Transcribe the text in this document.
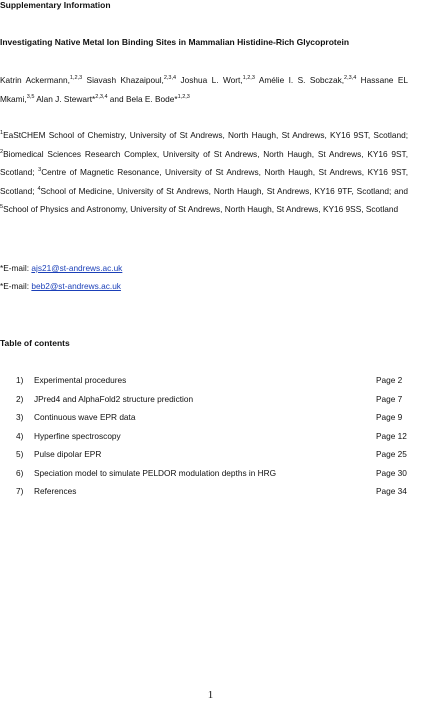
Supplementary Information
Investigating Native Metal Ion Binding Sites in Mammalian Histidine-Rich Glycoprotein
Katrin Ackermann,$^{1,2,3}$ Siavash Khazaipoul,$^{2,3,4}$ Joshua L. Wort,$^{1,2,3}$ Amélie I. S. Sobczak,$^{2,3,4}$ Hassane EL Mkami,$^{3,5}$ Alan J. Stewart*$^{2,3,4}$ and Bela E. Bode*$^{1,2,3}$
$^1$EaStCHEM School of Chemistry, University of St Andrews, North Haugh, St Andrews, KY16 9ST, Scotland; $^2$Biomedical Sciences Research Complex, University of St Andrews, North Haugh, St Andrews, KY16 9ST, Scotland; $^3$Centre of Magnetic Resonance, University of St Andrews, North Haugh, St Andrews, KY16 9ST, Scotland; $^4$School of Medicine, University of St Andrews, North Haugh, St Andrews, KY16 9TF, Scotland; and $^5$School of Physics and Astronomy, University of St Andrews, North Haugh, St Andrews, KY16 9SS, Scotland
*E-mail: ajs21@st-andrews.ac.uk
*E-mail: beb2@st-andrews.ac.uk
Table of contents
1) Experimental procedures	Page 2
2) JPred4 and AlphaFold2 structure prediction	Page 7
3) Continuous wave EPR data	Page 9
4) Hyperfine spectroscopy	Page 12
5) Pulse dipolar EPR	Page 25
6) Speciation model to simulate PELDOR modulation depths in HRG	Page 30
7) References	Page 34
1
